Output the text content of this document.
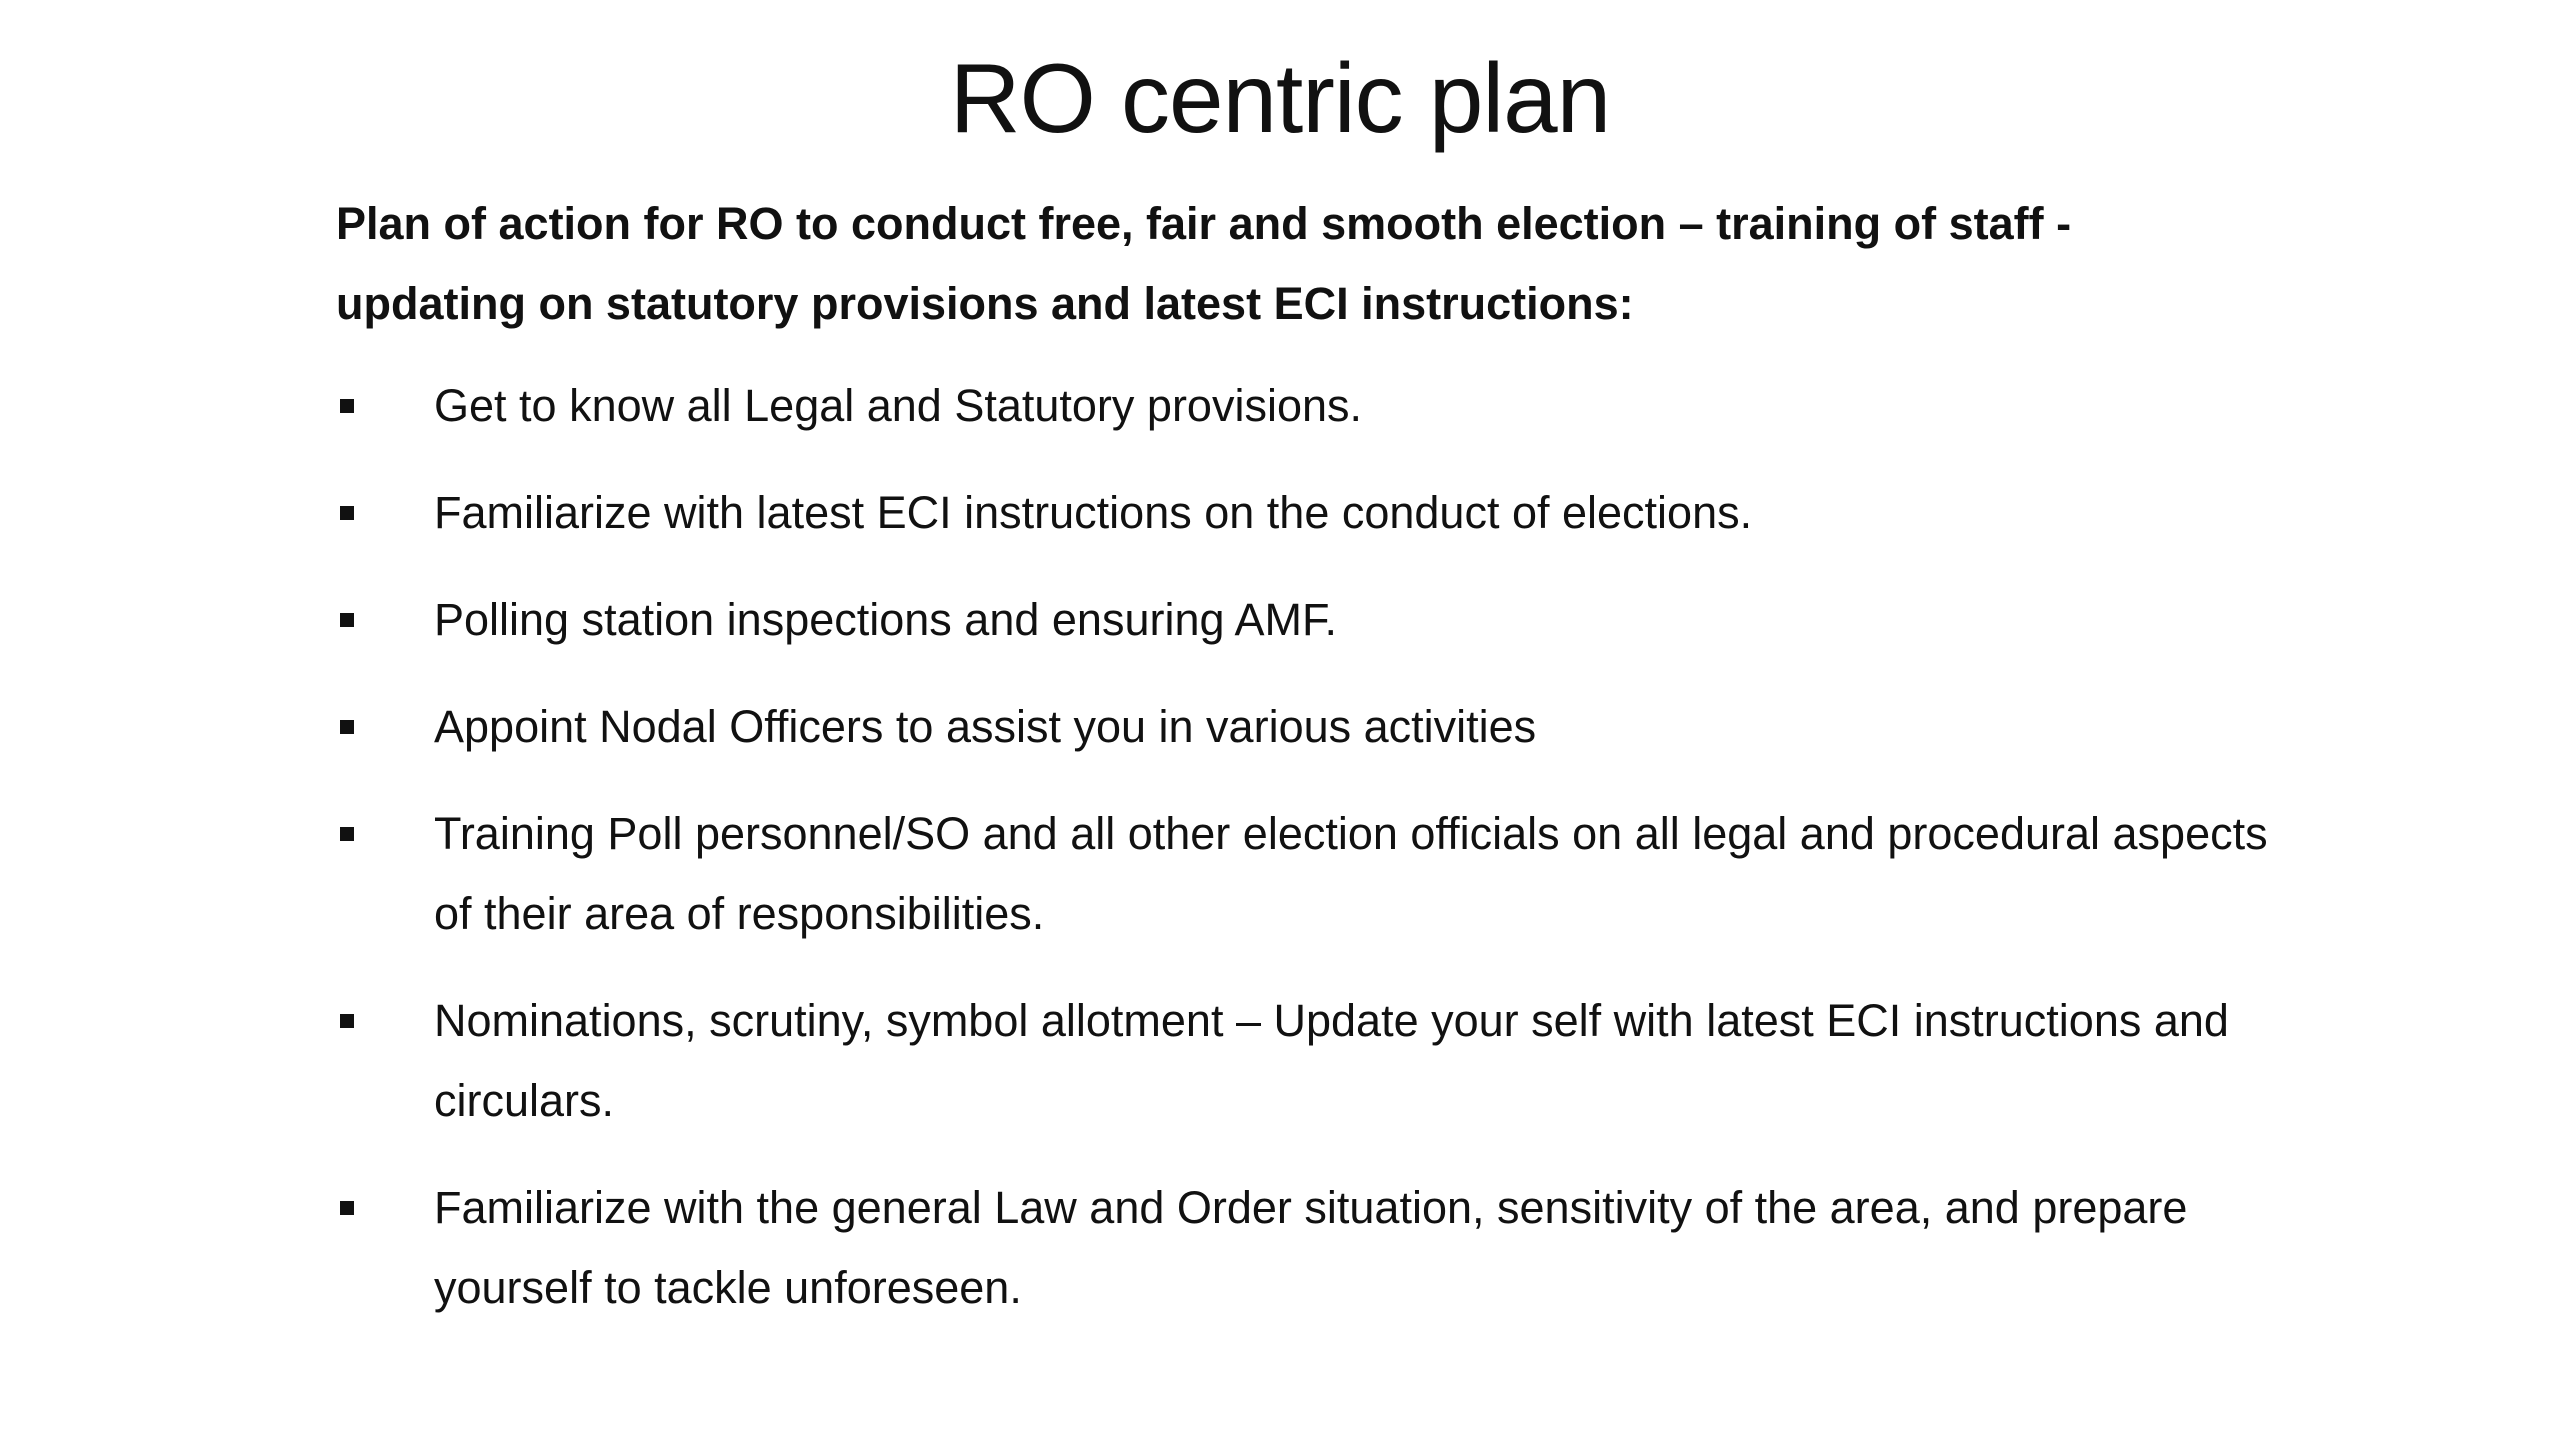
RO centric plan

Plan of action for RO to conduct free, fair and smooth election – training of staff -updating on statutory provisions and latest ECI instructions:

Get to know all Legal and Statutory provisions.
Familiarize with latest ECI instructions on the conduct of elections.
Polling station inspections and ensuring AMF.
Appoint Nodal Officers to assist you in various activities
Training Poll personnel/SO and all other election officials on all legal and procedural aspects of their area of responsibilities.
Nominations, scrutiny, symbol allotment – Update your self with latest ECI instructions and circulars.
Familiarize with the general Law and Order situation, sensitivity of the area, and prepare yourself to tackle unforeseen.
